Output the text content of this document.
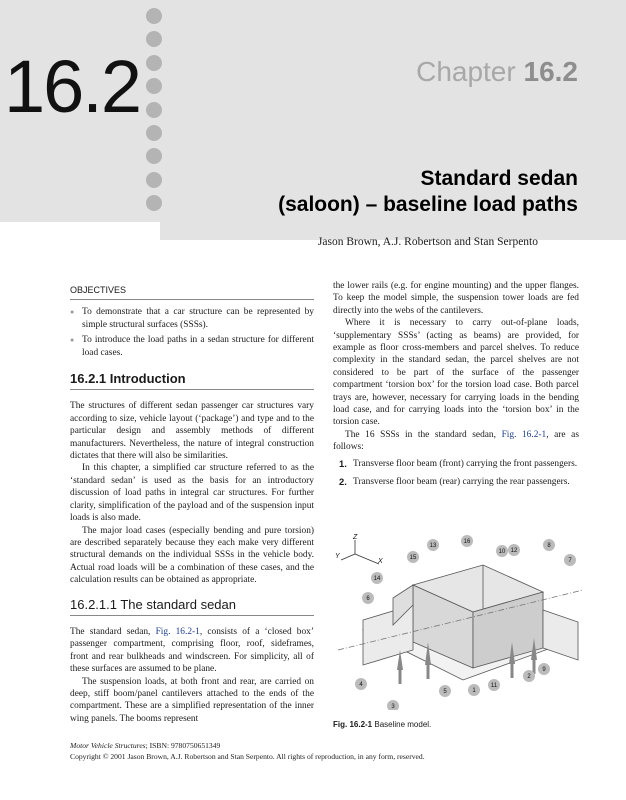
16.2	Chapter 16.2
Standard sedan
(saloon) – baseline load paths
Jason Brown, A.J. Robertson and Stan Serpento
OBJECTIVES
● To demonstrate that a car structure can be represented by simple structural surfaces (SSSs).
● To introduce the load paths in a sedan structure for different load cases.
16.2.1 Introduction

The structures of different sedan passenger car structures vary according to size, vehicle layout (‘package’) and type and to the particular design and assembly methods of different manufacturers. Nevertheless, the nature of integral construction dictates that there will also be similarities.

In this chapter, a simplified car structure referred to as the ‘standard sedan’ is used as the basis for an introductory discussion of load paths in integral car structures. For further clarity, simplification of the payload and of the suspension input loads is also made.

The major load cases (especially bending and pure torsion) are described separately because they each make very different structural demands on the individual SSSs in the vehicle body. Actual road loads will be a combination of these cases, and the calculation results can be obtained as appropriate.

16.2.1.1 The standard sedan

The standard sedan, Fig. 16.2-1, consists of a ‘closed box’ passenger compartment, comprising floor, roof, sideframes, front and rear bulkheads and windscreen. For simplicity, all of these surfaces are assumed to be plane.

The suspension loads, at both front and rear, are carried on deep, stiff boom/panel cantilevers attached to the ends of the compartment. These are a simplified representation of the inner wing panels. The booms represent

the lower rails (e.g. for engine mounting) and the upper flanges. To keep the model simple, the suspension tower loads are fed directly into the webs of the cantilevers.

Where it is necessary to carry out-of-plane loads, ‘supplementary SSSs’ (acting as beams) are provided, for example as floor cross-members and parcel shelves. To reduce complexity in the standard sedan, the parcel shelves are not considered to be part of the surface of the passenger compartment ‘torsion box’ for the torsion load case. Both parcel trays are, however, necessary for carrying loads in the bending load case, and for carrying loads into the ‘torsion box’ in the torsion case.

The 16 SSSs in the standard sedan, Fig. 16.2-1, are as follows:

1. Transverse floor beam (front) carrying the front passengers.
2. Transverse floor beam (rear) carrying the rear passengers.
Y
Z
X
1
2
3
4
5
6
7
8
9
10
11
12
13
14
15
16
Fig. 16.2-1 Baseline model.
Motor Vehicle Structures; ISBN: 9780750651349
Copyright © 2001 Jason Brown, A.J. Robertson and Stan Serpento. All rights of reproduction, in any form, reserved.
